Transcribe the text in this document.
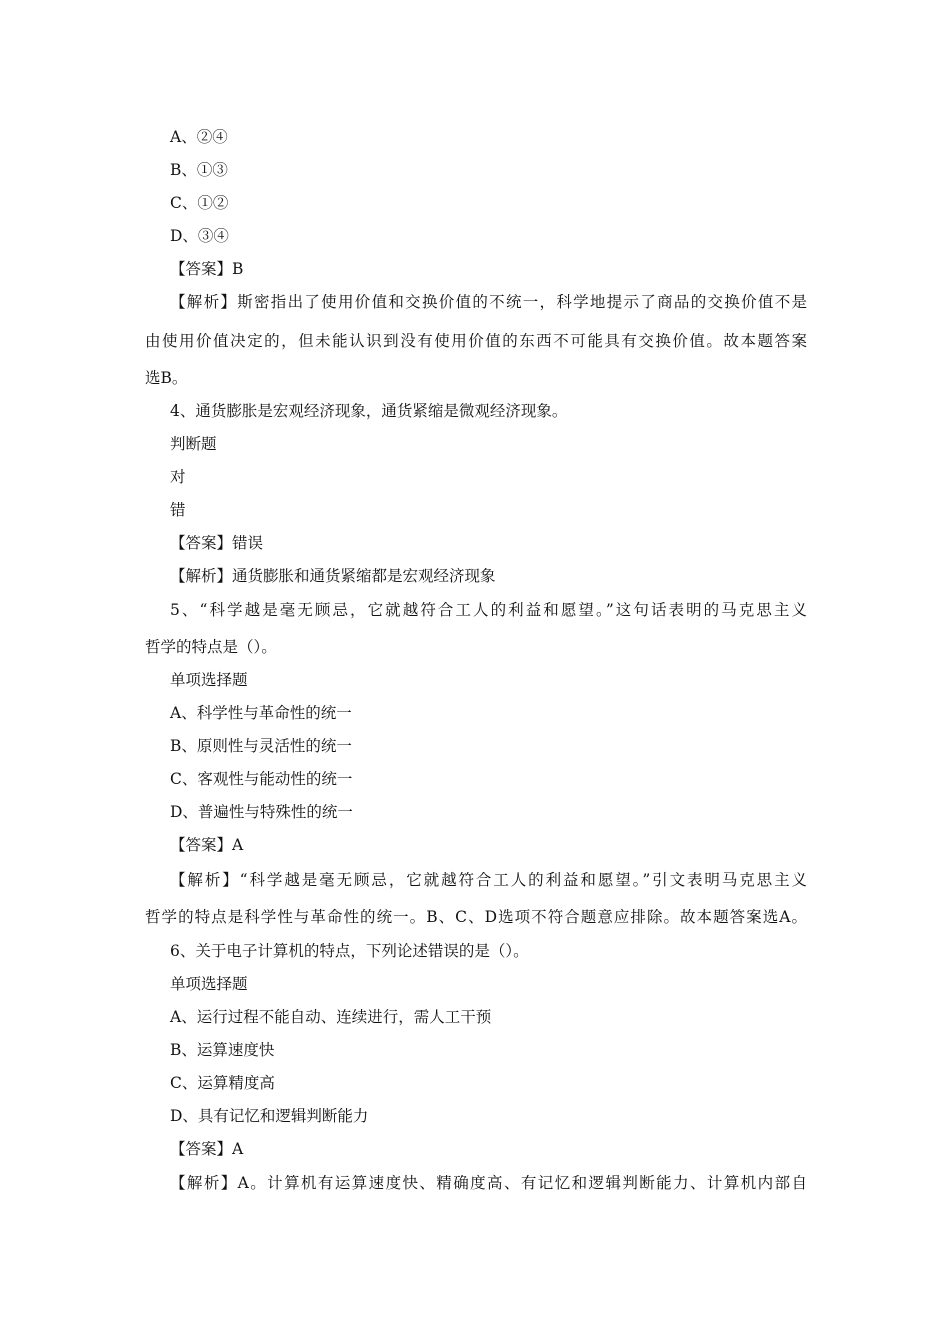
A、②④

B、①③

C、①②

D、③④

【答案】B

【解析】斯密指出了使用价值和交换价值的不统一，科学地提示了商品的交换价值不是

由使用价值决定的，但未能认识到没有使用价值的东西不可能具有交换价值。故本题答案

选B。

4、通货膨胀是宏观经济现象，通货紧缩是微观经济现象。

判断题

对

错

【答案】错误

【解析】通货膨胀和通货紧缩都是宏观经济现象

5、“科学越是毫无顾忌，它就越符合工人的利益和愿望。”这句话表明的马克思主义

哲学的特点是（）。

单项选择题

A、科学性与革命性的统一

B、原则性与灵活性的统一

C、客观性与能动性的统一

D、普遍性与特殊性的统一

【答案】A

【解析】“科学越是毫无顾忌，它就越符合工人的利益和愿望。”引文表明马克思主义

哲学的特点是科学性与革命性的统一。B、C、D选项不符合题意应排除。故本题答案选A。

6、关于电子计算机的特点，下列论述错误的是（）。

单项选择题

A、运行过程不能自动、连续进行，需人工干预

B、运算速度快

C、运算精度高

D、具有记忆和逻辑判断能力

【答案】A

【解析】A。计算机有运算速度快、精确度高、有记忆和逻辑判断能力、计算机内部自
